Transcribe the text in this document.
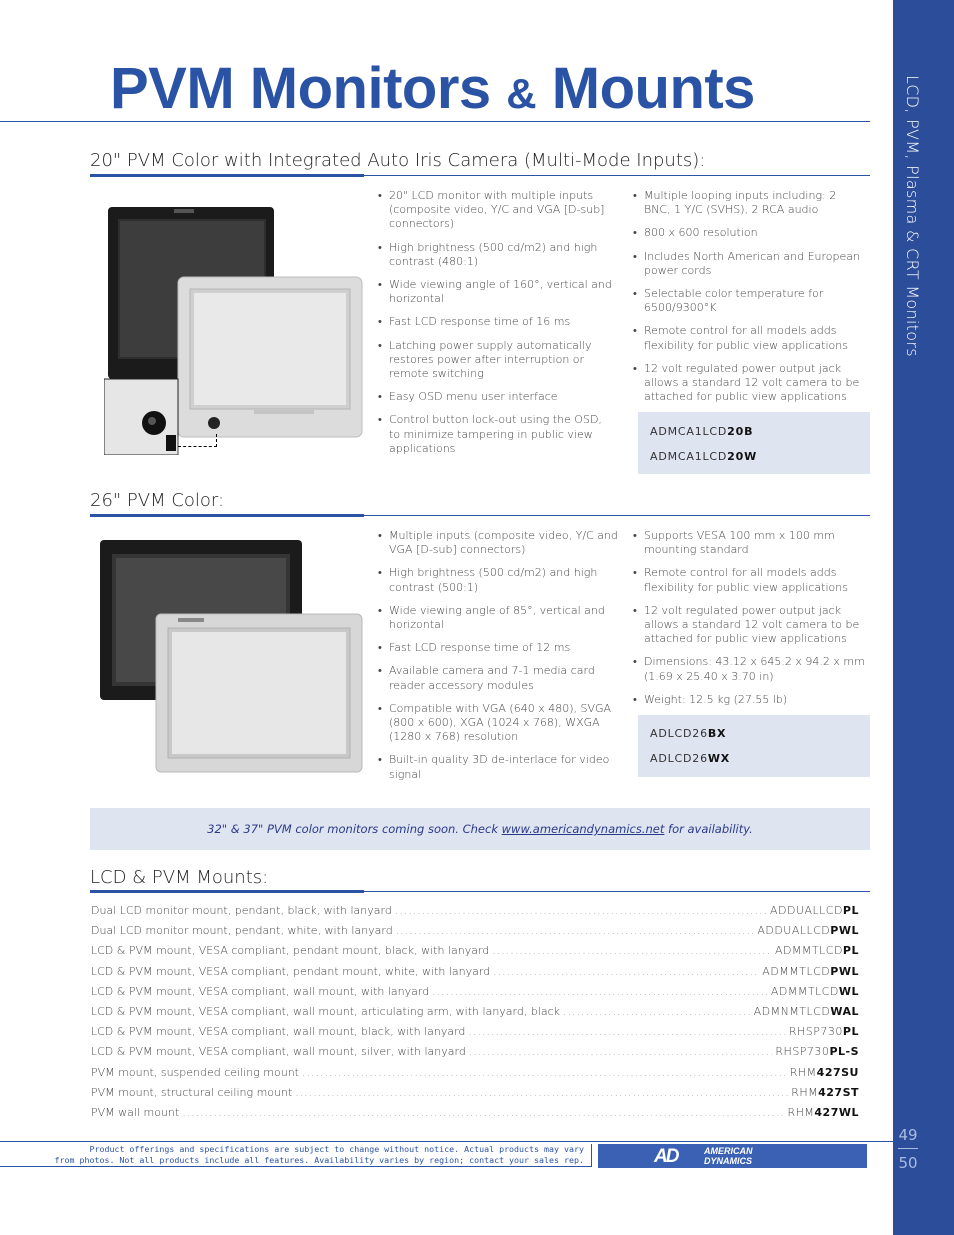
LCD, PVM, Plasma & CRT Monitors
49
50
PVM Monitors & Mounts
20" PVM Color with Integrated Auto Iris Camera (Multi-Mode Inputs):
• 20" LCD monitor with multiple inputs (composite video, Y/C and VGA [D-sub] connectors)
• High brightness (500 cd/m2) and high contrast (480:1)
• Wide viewing angle of 160°, vertical and horizontal
• Fast LCD response time of 16 ms
• Latching power supply automatically restores power after interruption or remote switching
• Easy OSD menu user interface
• Control button lock-out using the OSD, to minimize tampering in public view applications
• Multiple looping inputs including: 2 BNC, 1 Y/C (SVHS), 2 RCA audio
• 800 x 600 resolution
• Includes North American and European power cords
• Selectable color temperature for 6500/9300°K
• Remote control for all models adds flexibility for public view applications
• 12 volt regulated power output jack allows a standard 12 volt camera to be attached for public view applications
ADMCA1LCD20B
ADMCA1LCD20W
26" PVM Color:
• Multiple inputs (composite video, Y/C and VGA [D-sub] connectors)
• High brightness (500 cd/m2) and high contrast (500:1)
• Wide viewing angle of 85°, vertical and horizontal
• Fast LCD response time of 12 ms
• Available camera and 7-1 media card reader accessory modules
• Compatible with VGA (640 x 480), SVGA (800 x 600), XGA (1024 x 768), WXGA (1280 x 768) resolution
• Built-in quality 3D de-interlace for video signal
• Supports VESA 100 mm x 100 mm mounting standard
• Remote control for all models adds flexibility for public view applications
• 12 volt regulated power output jack allows a standard 12 volt camera to be attached for public view applications
• Dimensions: 43.12 x 645.2 x 94.2 x mm (1.69 x 25.40 x 3.70 in)
• Weight: 12.5 kg (27.55 lb)
ADLCD26BX
ADLCD26WX
32" & 37" PVM color monitors coming soon. Check www.americandynamics.net for availability.
LCD & PVM Mounts:
Dual LCD monitor mount, pendant, black, with lanyard .....	ADDUALLCDPL
Dual LCD monitor mount, pendant, white, with lanyard .....	ADDUALLCDPWL
LCD & PVM mount, VESA compliant, pendant mount, black, with lanyard .....	ADMMTLCDPL
LCD & PVM mount, VESA compliant, pendant mount, white, with lanyard .....	ADMMTLCDPWL
LCD & PVM mount, VESA compliant, wall mount, with lanyard .....	ADMMTLCDWL
LCD & PVM mount, VESA compliant, wall mount, articulating arm, with lanyard, black .....	ADMNMTLCDWAL
LCD & PVM mount, VESA compliant, wall mount, black, with lanyard .....	RHSP730PL
LCD & PVM mount, VESA compliant, wall mount, silver, with lanyard .....	RHSP730PL-S
PVM mount, suspended ceiling mount .....	RHM427SU
PVM mount, structural ceiling mount .....	RHM427ST
PVM wall mount .....	RHM427WL
Product offerings and specifications are subject to change without notice. Actual products may vary
from photos. Not all products include all features. Availability varies by region; contact your sales rep.	AD	AMERICAN
DYNAMICS
